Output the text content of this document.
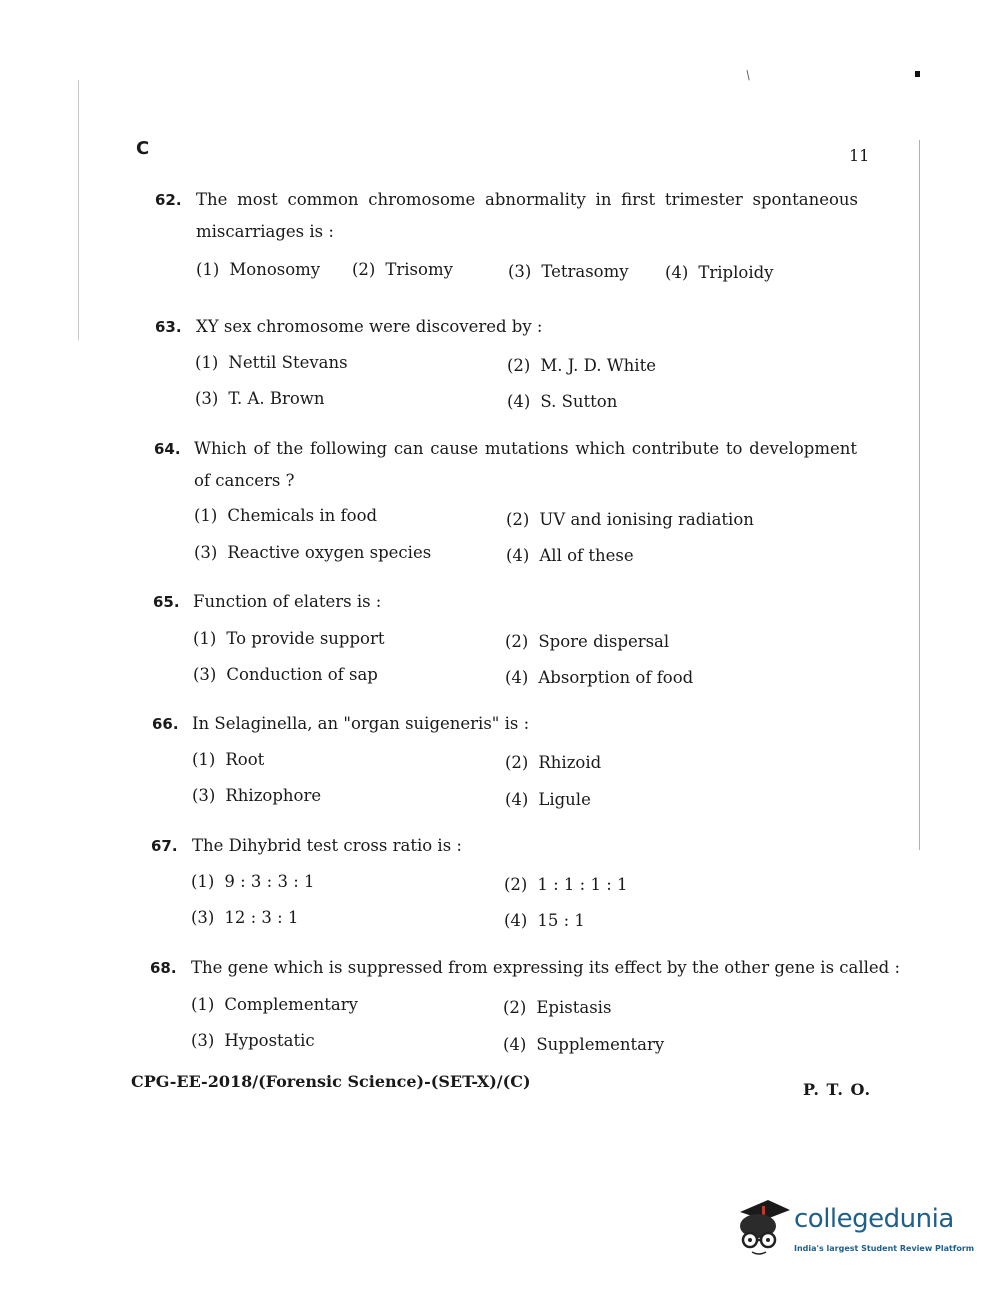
/
C	11
62. The most common chromosome abnormality in first trimester spontaneous miscarriages is :
(1) Monosomy (2) Trisomy	(3) Tetrasomy (4) Triploidy
63. XY sex chromosome were discovered by :
(1) Nettil Stevans	(2) M. J. D. White
(3) T. A. Brown	(4) S. Sutton
64. Which of the following can cause mutations which contribute to development of cancers ?
(1) Chemicals in food	(2) UV and ionising radiation
(3) Reactive oxygen species	(4) All of these
65. Function of elaters is :
(1) To provide support	(2) Spore dispersal
(3) Conduction of sap	(4) Absorption of food
66. In Selaginella, an "organ suigeneris" is :
(1) Root	(2) Rhizoid
(3) Rhizophore	(4) Ligule
67. The Dihybrid test cross ratio is :
(1) 9 : 3 : 3 : 1	(2) 1 : 1 : 1 : 1
(3) 12 : 3 : 1	(4) 15 : 1
68. The gene which is suppressed from expressing its effect by the other gene is called :
(1) Complementary	(2) Epistasis
(3) Hypostatic	(4) Supplementary
CPG-EE-2018/(Forensic Science)-(SET-X)/(C)	P. T. O.
collegedunia
India's largest Student Review Platform
